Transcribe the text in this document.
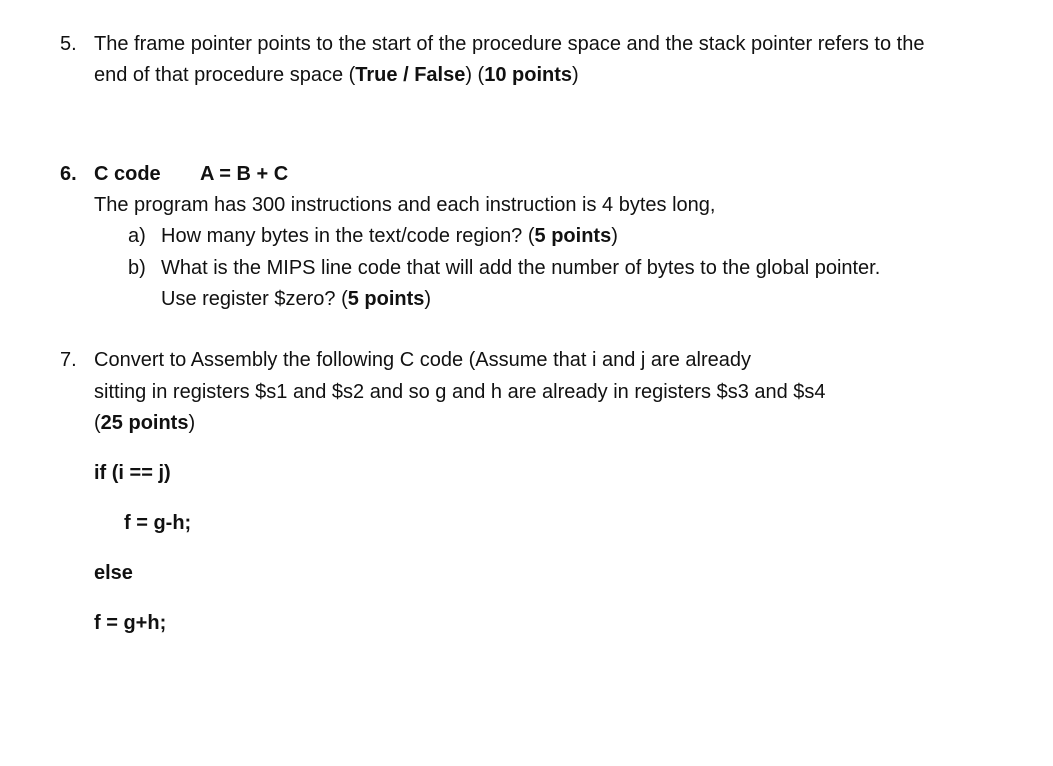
5. The frame pointer points to the start of the procedure space and the stack pointer refers to the
end of that procedure space (True / False) (10 points)
6. C code A = B + C
The program has 300 instructions and each instruction is 4 bytes long,
a) How many bytes in the text/code region? (5 points)
b) What is the MIPS line code that will add the number of bytes to the global pointer.
Use register $zero? (5 points)
7. Convert to Assembly the following C code (Assume that i and j are already
sitting in registers $s1 and $s2 and so g and h are already in registers $s3 and $s4
(25 points)
if (i == j)
f = g-h;
else
f = g+h;
